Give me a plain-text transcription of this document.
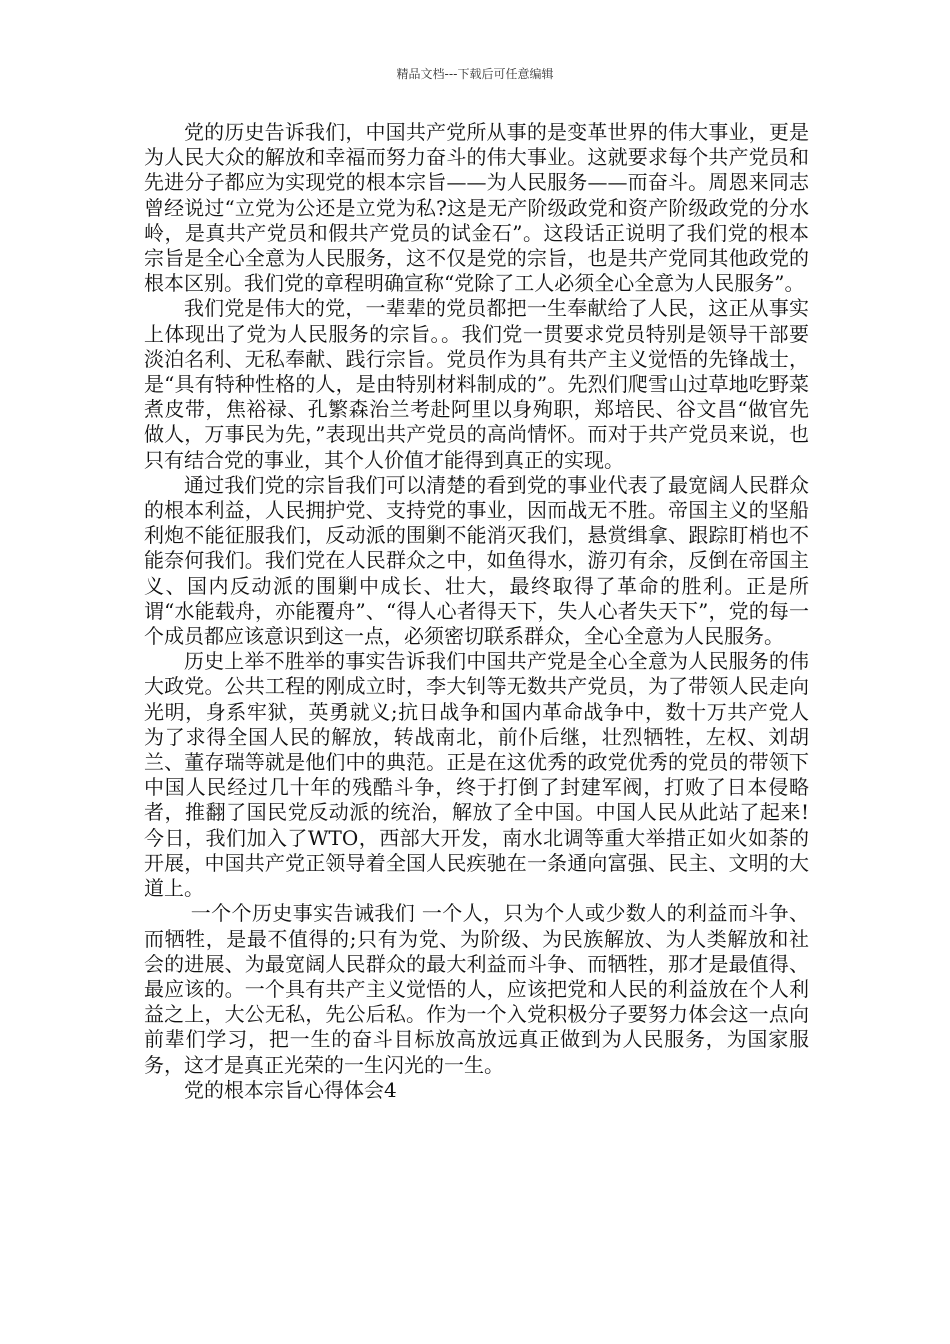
精品文档---下载后可任意编辑

党的历史告诉我们，中国共产党所从事的是变革世界的伟大事业，更是为人民大众的解放和幸福而努力奋斗的伟大事业。这就要求每个共产党员和先进分子都应为实现党的根本宗旨——为人民服务——而奋斗。周恩来同志曾经说过“立党为公还是立党为私?这是无产阶级政党和资产阶级政党的分水岭，是真共产党员和假共产党员的试金石”。这段话正说明了我们党的根本宗旨是全心全意为人民服务，这不仅是党的宗旨，也是共产党同其他政党的根本区别。我们党的章程明确宣称“党除了工人必须全心全意为人民服务”。

我们党是伟大的党，一辈辈的党员都把一生奉献给了人民，这正从事实上体现出了党为人民服务的宗旨。。我们党一贯要求党员特别是领导干部要淡泊名利、无私奉献、践行宗旨。党员作为具有共产主义觉悟的先锋战士，是“具有特种性格的人，是由特别材料制成的”。先烈们爬雪山过草地吃野菜煮皮带，焦裕禄、孔繁森治兰考赴阿里以身殉职，郑培民、谷文昌“做官先做人，万事民为先，”表现出共产党员的高尚情怀。而对于共产党员来说，也只有结合党的事业，其个人价值才能得到真正的实现。

通过我们党的宗旨我们可以清楚的看到党的事业代表了最宽阔人民群众的根本利益，人民拥护党、支持党的事业，因而战无不胜。帝国主义的坚船利炮不能征服我们，反动派的围剿不能消灭我们，悬赏缉拿、跟踪盯梢也不能奈何我们。我们党在人民群众之中，如鱼得水，游刃有余，反倒在帝国主义、国内反动派的围剿中成长、壮大，最终取得了革命的胜利。正是所谓“水能载舟，亦能覆舟”、“得人心者得天下，失人心者失天下”，党的每一个成员都应该意识到这一点，必须密切联系群众，全心全意为人民服务。

历史上举不胜举的事实告诉我们中国共产党是全心全意为人民服务的伟大政党。公共工程的刚成立时，李大钊等无数共产党员，为了带领人民走向光明，身系牢狱，英勇就义;抗日战争和国内革命战争中，数十万共产党人为了求得全国人民的解放，转战南北，前仆后继，壮烈牺牲，左权、刘胡兰、董存瑞等就是他们中的典范。正是在这优秀的政党优秀的党员的带领下中国人民经过几十年的残酷斗争，终于打倒了封建军阀，打败了日本侵略者，推翻了国民党反动派的统治，解放了全中国。中国人民从此站了起来!今日，我们加入了WTO，西部大开发，南水北调等重大举措正如火如荼的开展，中国共产党正领导着全国人民疾驰在一条通向富强、民主、文明的大道上。

一个个历史事实告诫我们 一个人，只为个人或少数人的利益而斗争、而牺牲，是最不值得的;只有为党、为阶级、为民族解放、为人类解放和社会的进展、为最宽阔人民群众的最大利益而斗争、而牺牲，那才是最值得、最应该的。一个具有共产主义觉悟的人，应该把党和人民的利益放在个人利益之上，大公无私，先公后私。作为一个入党积极分子要努力体会这一点向前辈们学习，把一生的奋斗目标放高放远真正做到为人民服务，为国家服务，这才是真正光荣的一生闪光的一生。

党的根本宗旨心得体会4
